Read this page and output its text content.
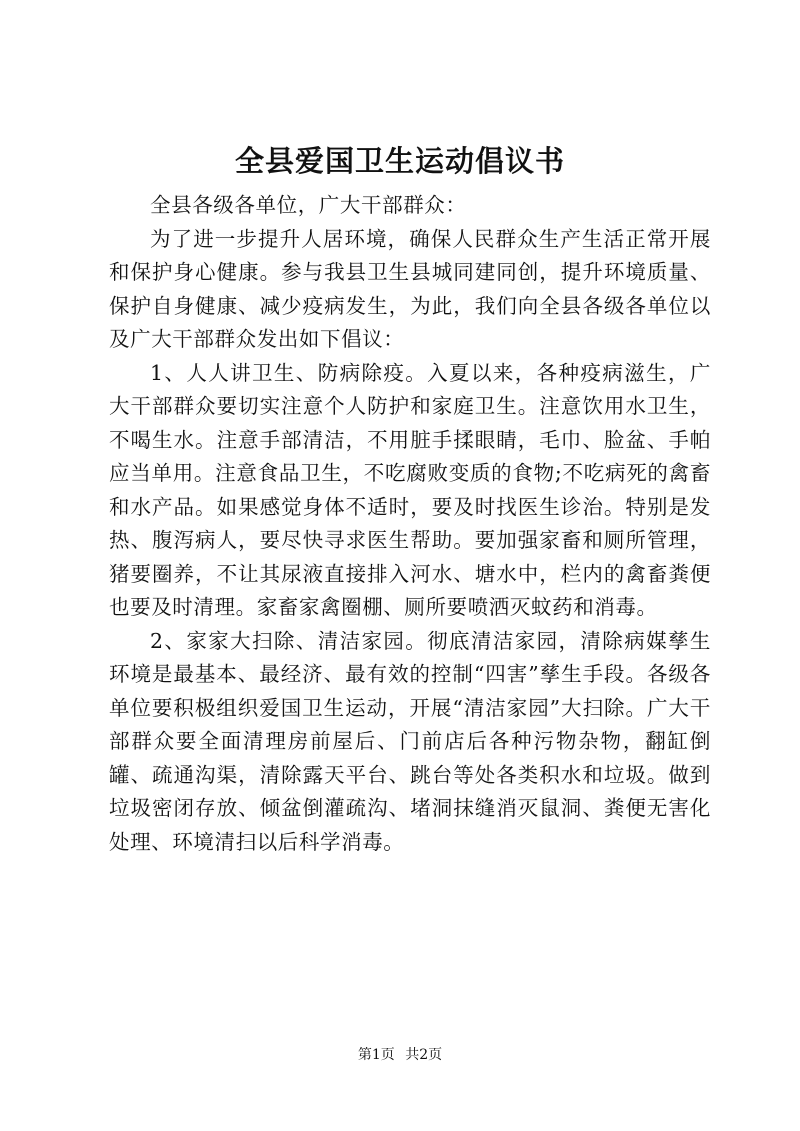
全县爱国卫生运动倡议书

全县各级各单位，广大干部群众：

为了进一步提升人居环境，确保人民群众生产生活正常开展和保护身心健康。参与我县卫生县城同建同创，提升环境质量、保护自身健康、减少疫病发生，为此，我们向全县各级各单位以及广大干部群众发出如下倡议：

1、人人讲卫生、防病除疫。入夏以来，各种疫病滋生，广大干部群众要切实注意个人防护和家庭卫生。注意饮用水卫生，不喝生水。注意手部清洁，不用脏手揉眼睛，毛巾、脸盆、手帕应当单用。注意食品卫生，不吃腐败变质的食物;不吃病死的禽畜和水产品。如果感觉身体不适时，要及时找医生诊治。特别是发热、腹泻病人，要尽快寻求医生帮助。要加强家畜和厕所管理，猪要圈养，不让其尿液直接排入河水、塘水中，栏内的禽畜粪便也要及时清理。家畜家禽圈棚、厕所要喷洒灭蚊药和消毒。

2、家家大扫除、清洁家园。彻底清洁家园，清除病媒孳生环境是最基本、最经济、最有效的控制“四害”孳生手段。各级各单位要积极组织爱国卫生运动，开展“清洁家园”大扫除。广大干部群众要全面清理房前屋后、门前店后各种污物杂物，翻缸倒罐、疏通沟渠，清除露天平台、跳台等处各类积水和垃圾。做到垃圾密闭存放、倾盆倒灌疏沟、堵洞抹缝消灭鼠洞、粪便无害化处理、环境清扫以后科学消毒。

第1页 共2页
